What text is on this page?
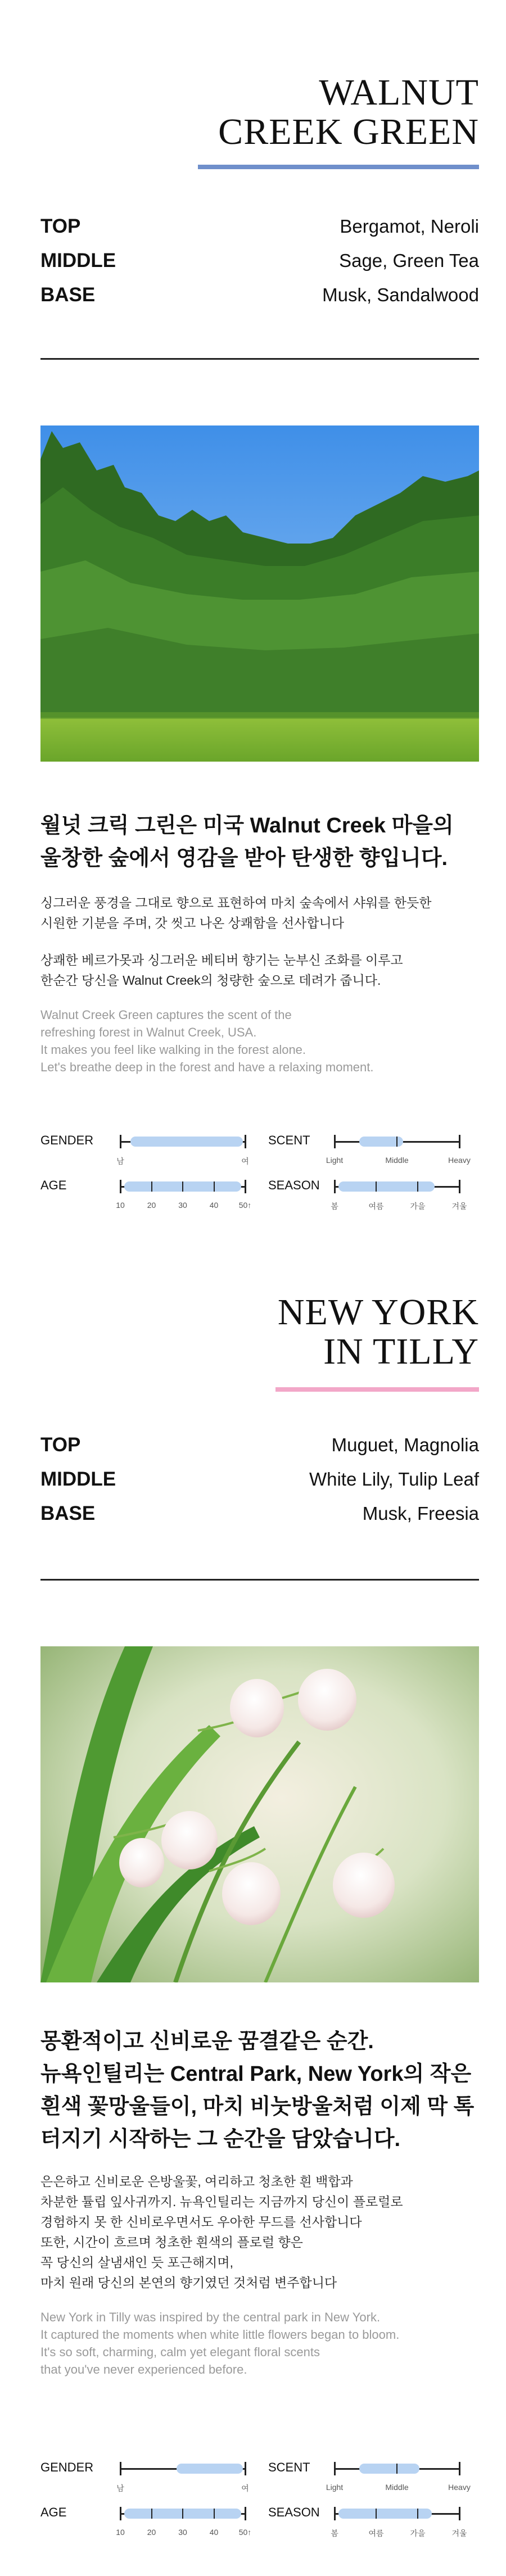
WALNUT
CREEK GREEN
TOP	Bergamot, Neroli
MIDDLE	Sage, Green Tea
BASE	Musk, Sandalwood

월넛 크릭 그린은 미국 Walnut Creek 마을의
울창한 숲에서 영감을 받아 탄생한 향입니다.

싱그러운 풍경을 그대로 향으로 표현하여 마치 숲속에서 샤워를 한듯한
시원한 기분을 주며, 갓 씻고 나온 상쾌함을 선사합니다

상쾌한 베르가못과 싱그러운 베티버 향기는 눈부신 조화를 이루고
한순간 당신을 Walnut Creek의 청량한 숲으로 데려가 줍니다.

Walnut Creek Green captures the scent of the
refreshing forest in Walnut Creek, USA.
It makes you feel like walking in the forest alone.
Let's breathe deep in the forest and have a relaxing moment.

GENDER
남	여
SCENT
Light	Middle	Heavy
AGE
10	20	30	40	50↑
SEASON
봄	여름	가을	겨울
NEW YORK
IN TILLY
TOP	Muguet, Magnolia
MIDDLE	White Lily, Tulip Leaf
BASE	Musk, Freesia

몽환적이고 신비로운 꿈결같은 순간.
뉴욕인틸리는 Central Park, New York의 작은
흰색 꽃망울들이, 마치 비눗방울처럼 이제 막 톡
터지기 시작하는 그 순간을 담았습니다.

은은하고 신비로운 은방울꽃, 여리하고 청초한 흰 백합과
차분한 튤립 잎사귀까지. 뉴욕인틸리는 지금까지 당신이 플로럴로
경험하지 못 한 신비로우면서도 우아한 무드를 선사합니다
또한, 시간이 흐르며 청초한 흰색의 플로럴 향은
꼭 당신의 살냄새인 듯 포근해지며,
마치 원래 당신의 본연의 향기였던 것처럼 변주합니다

New York in Tilly was inspired by the central park in New York.
It captured the moments when white little flowers began to bloom.
It's so soft, charming, calm yet elegant floral scents
that you've never experienced before.

GENDER
남	여
SCENT
Light	Middle	Heavy
AGE
10	20	30	40	50↑
SEASON
봄	여름	가을	겨울
